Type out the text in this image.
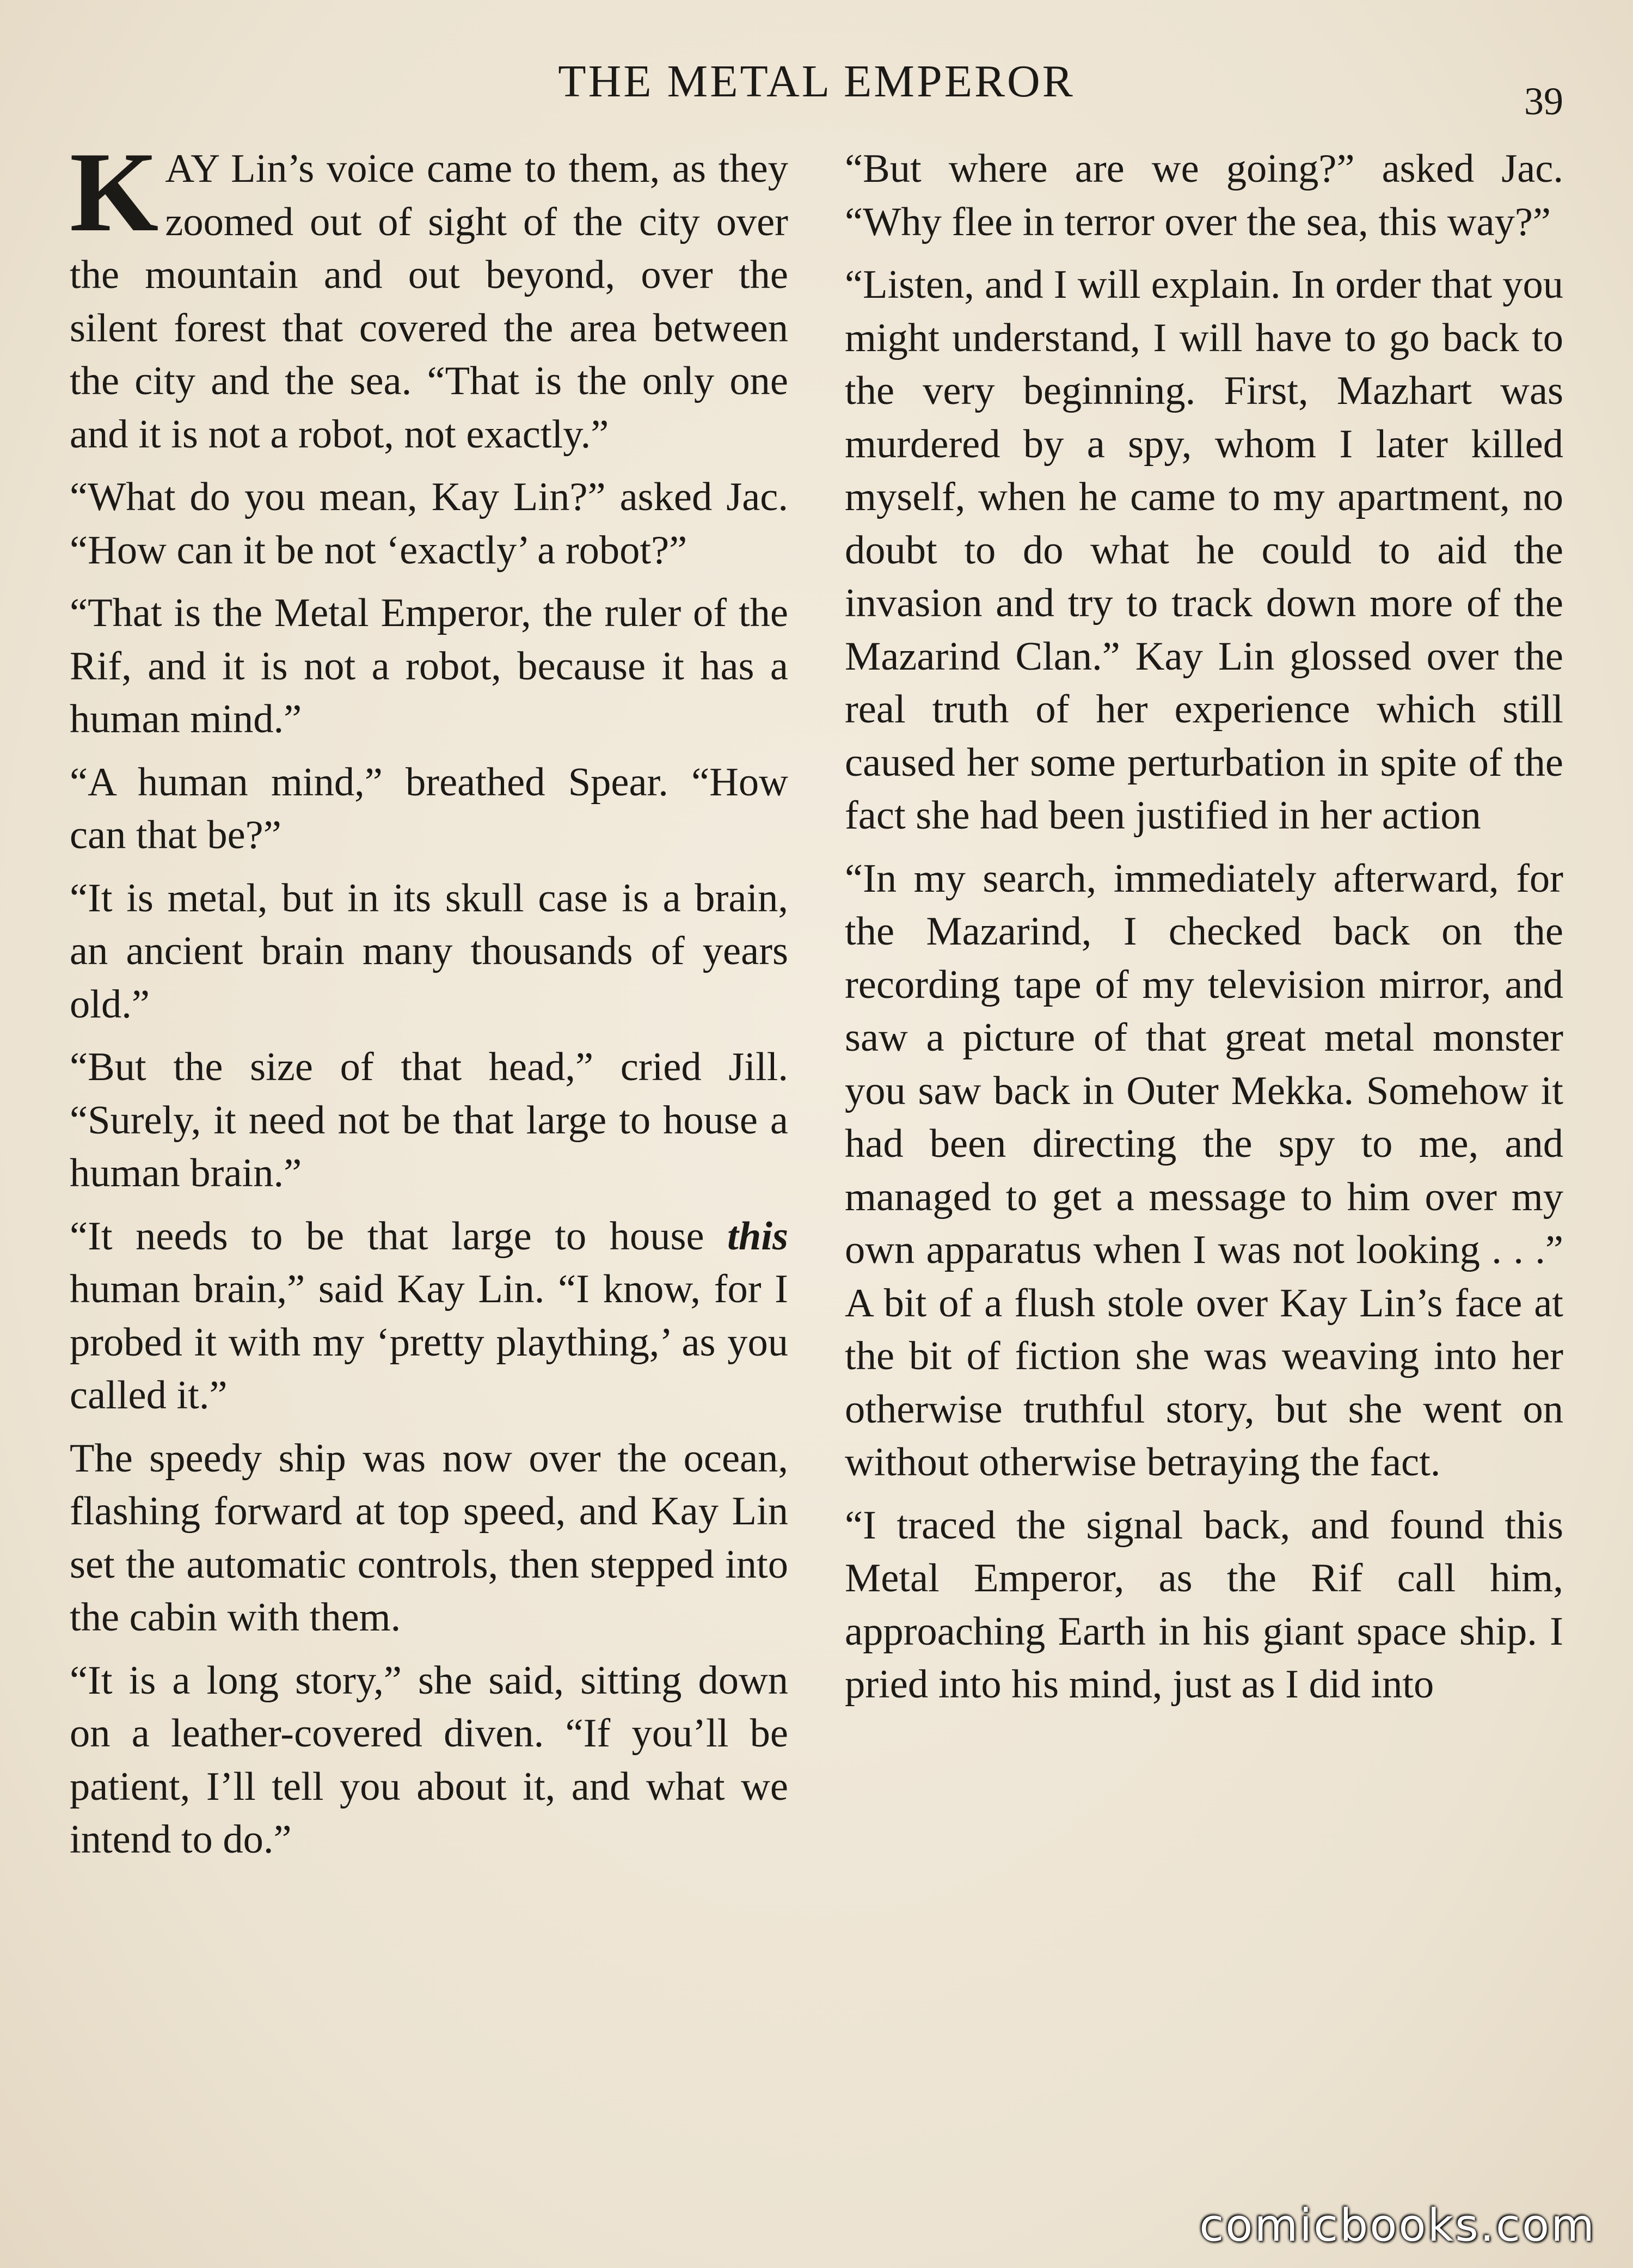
THE METAL EMPEROR	39

KAY Lin’s voice came to them, as they zoomed out of sight of the city over the mountain and out beyond, over the silent forest that covered the area between the city and the sea. “That is the only one and it is not a robot, not exactly.”

“What do you mean, Kay Lin?” asked Jac. “How can it be not ‘exactly’ a robot?”

“That is the Metal Emperor, the ruler of the Rif, and it is not a robot, because it has a human mind.”

“A human mind,” breathed Spear. “How can that be?”

“It is metal, but in its skull case is a brain, an ancient brain many thousands of years old.”

“But the size of that head,” cried Jill. “Surely, it need not be that large to house a human brain.”

“It needs to be that large to house this human brain,” said Kay Lin. “I know, for I probed it with my ‘pretty plaything,’ as you called it.”

The speedy ship was now over the ocean, flashing forward at top speed, and Kay Lin set the automatic controls, then stepped into the cabin with them.

“It is a long story,” she said, sitting down on a leather-covered diven. “If you’ll be patient, I’ll tell you about it, and what we intend to do.”

“But where are we going?” asked Jac. “Why flee in terror over the sea, this way?”

“Listen, and I will explain. In order that you might understand, I will have to go back to the very beginning. First, Mazhart was murdered by a spy, whom I later killed myself, when he came to my apartment, no doubt to do what he could to aid the invasion and try to track down more of the Mazarind Clan.” Kay Lin glossed over the real truth of her experience which still caused her some perturbation in spite of the fact she had been justified in her action

“In my search, immediately afterward, for the Mazarind, I checked back on the recording tape of my television mirror, and saw a picture of that great metal monster you saw back in Outer Mekka. Somehow it had been directing the spy to me, and managed to get a message to him over my own apparatus when I was not looking . . .” A bit of a flush stole over Kay Lin’s face at the bit of fiction she was weaving into her otherwise truthful story, but she went on without otherwise betraying the fact.

“I traced the signal back, and found this Metal Emperor, as the Rif call him, approaching Earth in his giant space ship. I pried into his mind, just as I did into

comicbooks.com
